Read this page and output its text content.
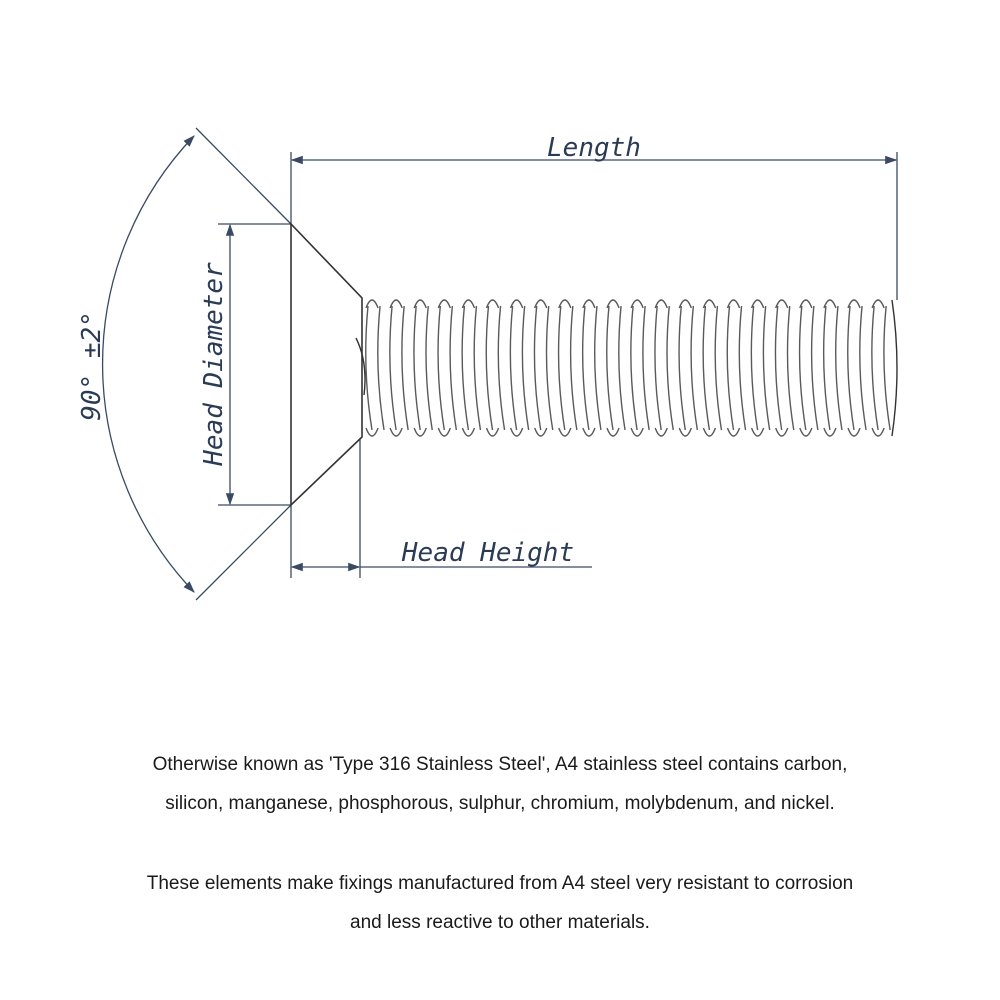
Length
Head Diameter
Head Height
90° ±2°
Otherwise known as 'Type 316 Stainless Steel', A4 stainless steel contains carbon,
silicon, manganese, phosphorous, sulphur, chromium, molybdenum, and nickel.
These elements make fixings manufactured from A4 steel very resistant to corrosion
and less reactive to other materials.
